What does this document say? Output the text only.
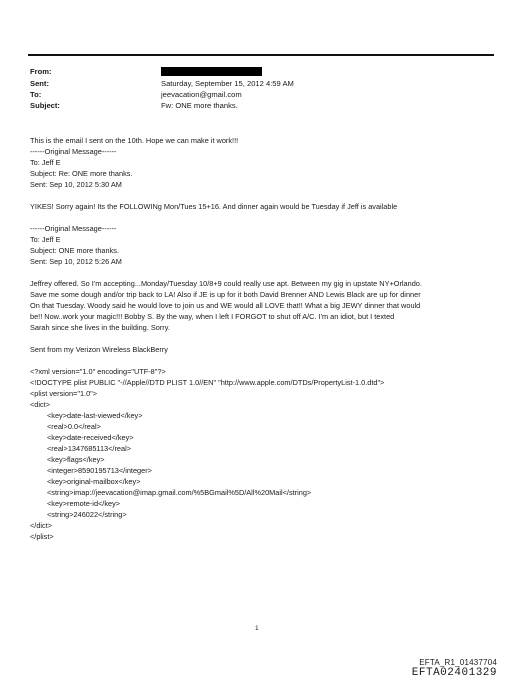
From:
Sent:	Saturday, September 15, 2012 4:59 AM
To:	jeevacation@gmail.com
Subject:	Fw: ONE more thanks.
This is the email I sent on the 10th. Hope we can make it work!!!
------Original Message------
To: Jeff E
Subject: Re: ONE more thanks.
Sent: Sep 10, 2012 5:30 AM
YIKES! Sorry again! Its the FOLLOWINg Mon/Tues 15+16. And dinner again would be Tuesday if Jeff is available
------Original Message------
To: Jeff E
Subject: ONE more thanks.
Sent: Sep 10, 2012 5:26 AM
Jeffrey offered. So I'm accepting...Monday/Tuesday 10/8+9 could really use apt. Between my gig in upstate NY+Orlando.
Save me some dough and/or trip back to LA! Also if JE is up for it both David Brenner AND Lewis Black are up for dinner
On that Tuesday. Woody said he would love to join us and WE would all LOVE that!! What a big JEWY dinner that would
be!! Now..work your magic!!! Bobby S. By the way, when I left I FORGOT to shut off A/C. I'm an idiot, but I texted
Sarah since she lives in the building. Sorry.
Sent from my Verizon Wireless BlackBerry
<?xml version="1.0" encoding="UTF-8"?>
<!DOCTYPE plist PUBLIC "-//Apple//DTD PLIST 1.0//EN" "http://www.apple.com/DTDs/PropertyList-1.0.dtd">
<plist version="1.0">
<dict>
<key>date-last-viewed</key>
<real>0.0</real>
<key>date-received</key>
<real>1347685113</real>
<key>flags</key>
<integer>8590195713</integer>
<key>original-mailbox</key>
<string>imap://jeevacation@imap.gmail.com/%5BGmail%5D/All%20Mail</string>
<key>remote-id</key>
<string>246022</string>
</dict>
</plist>
1
EFTA_R1_01437704
EFTA02401329
